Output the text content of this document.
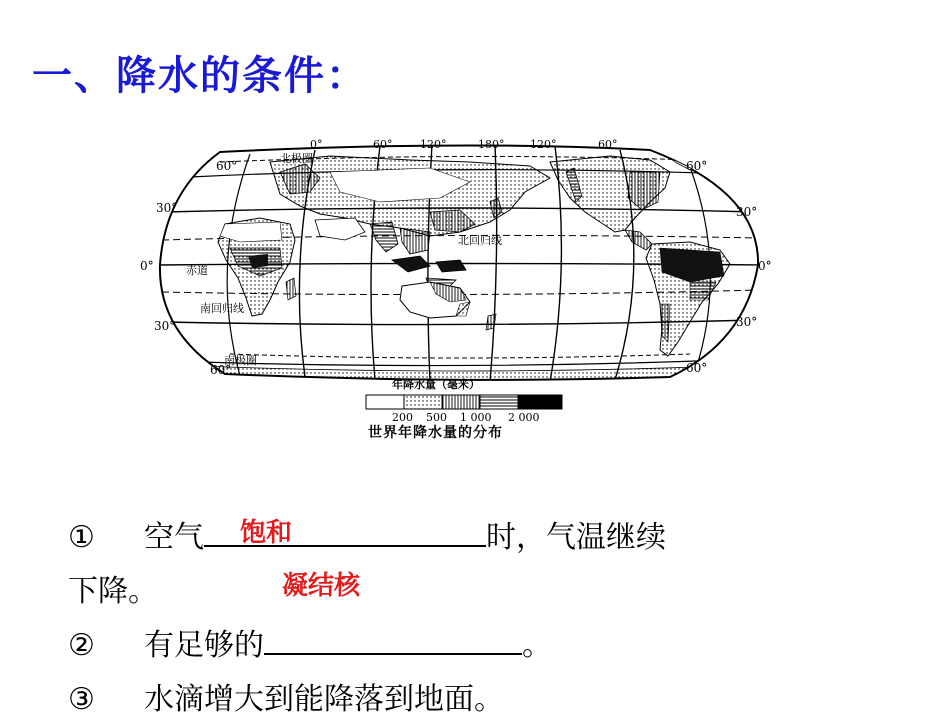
一、降水的条件：
0°	60°	120°	180° 120°	60°
60°
30°
0°
30°
60°
60°
30°
0°
30°
60°
北极圈
赤道
北回归线
南回归线
南极圈
年降水量（毫米）
200 500 1 000 2 000
世界年降水量的分布
① 空气	时，气温继续
饱和
下降。	凝结核
② 有足够的	。
③ 水滴增大到能降落到地面。
